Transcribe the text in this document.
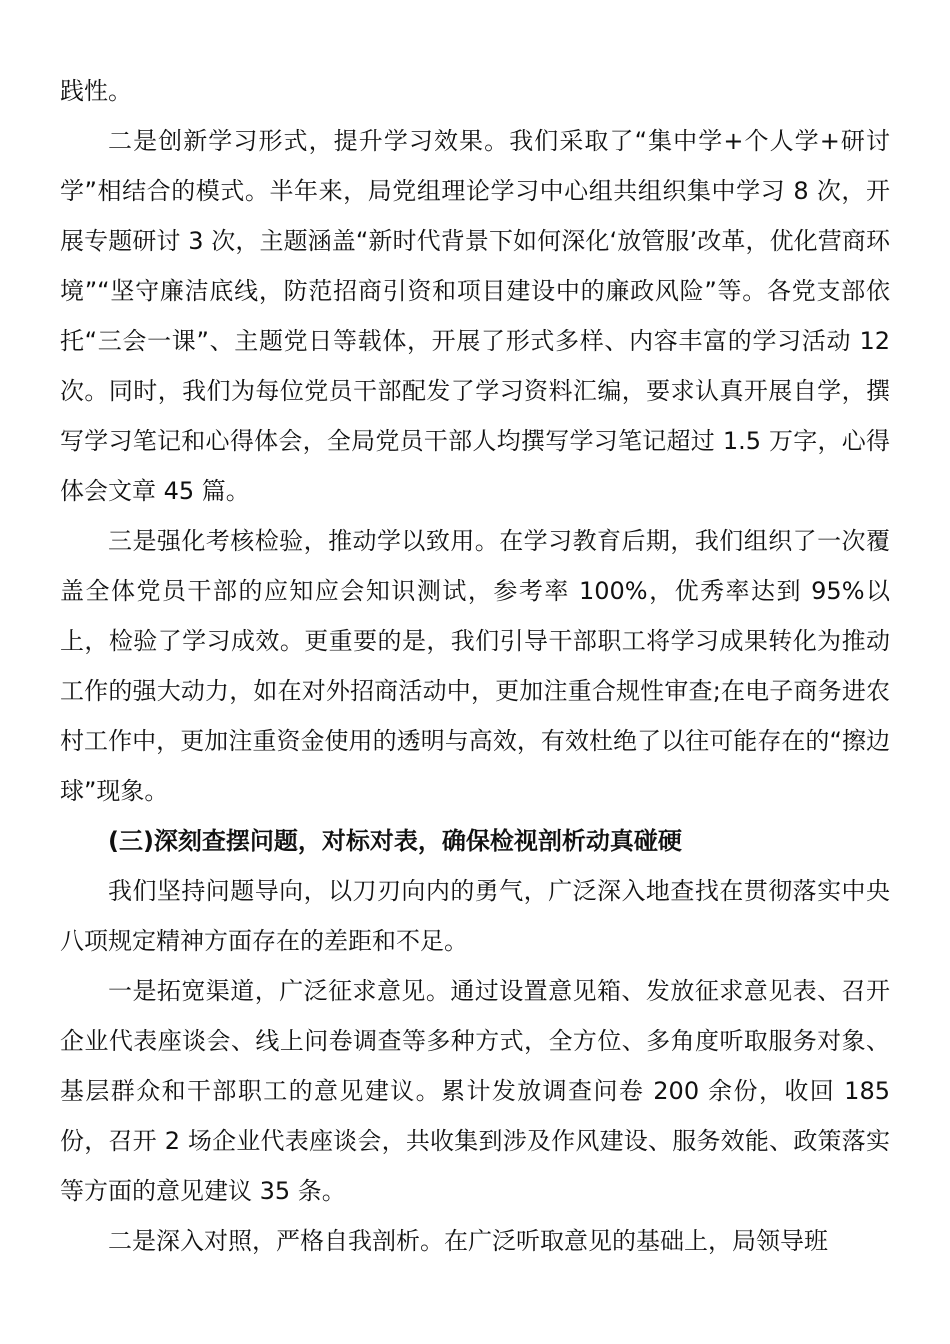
践性。

二是创新学习形式，提升学习效果。我们采取了“集中学+个人学+研讨学”相结合的模式。半年来，局党组理论学习中心组共组织集中学习 8 次，开展专题研讨 3 次，主题涵盖“新时代背景下如何深化‘放管服’改革，优化营商环境”“坚守廉洁底线，防范招商引资和项目建设中的廉政风险”等。各党支部依托“三会一课”、主题党日等载体，开展了形式多样、内容丰富的学习活动 12 次。同时，我们为每位党员干部配发了学习资料汇编，要求认真开展自学，撰写学习笔记和心得体会，全局党员干部人均撰写学习笔记超过 1.5 万字，心得体会文章 45 篇。

三是强化考核检验，推动学以致用。在学习教育后期，我们组织了一次覆盖全体党员干部的应知应会知识测试，参考率 100%，优秀率达到 95%以上，检验了学习成效。更重要的是，我们引导干部职工将学习成果转化为推动工作的强大动力，如在对外招商活动中，更加注重合规性审查;在电子商务进农村工作中，更加注重资金使用的透明与高效，有效杜绝了以往可能存在的“擦边球”现象。

(三)深刻查摆问题，对标对表，确保检视剖析动真碰硬

我们坚持问题导向，以刀刃向内的勇气，广泛深入地查找在贯彻落实中央八项规定精神方面存在的差距和不足。

一是拓宽渠道，广泛征求意见。通过设置意见箱、发放征求意见表、召开企业代表座谈会、线上问卷调查等多种方式，全方位、多角度听取服务对象、基层群众和干部职工的意见建议。累计发放调查问卷 200 余份，收回 185 份，召开 2 场企业代表座谈会，共收集到涉及作风建设、服务效能、政策落实等方面的意见建议 35 条。

二是深入对照，严格自我剖析。在广泛听取意见的基础上，局领导班
